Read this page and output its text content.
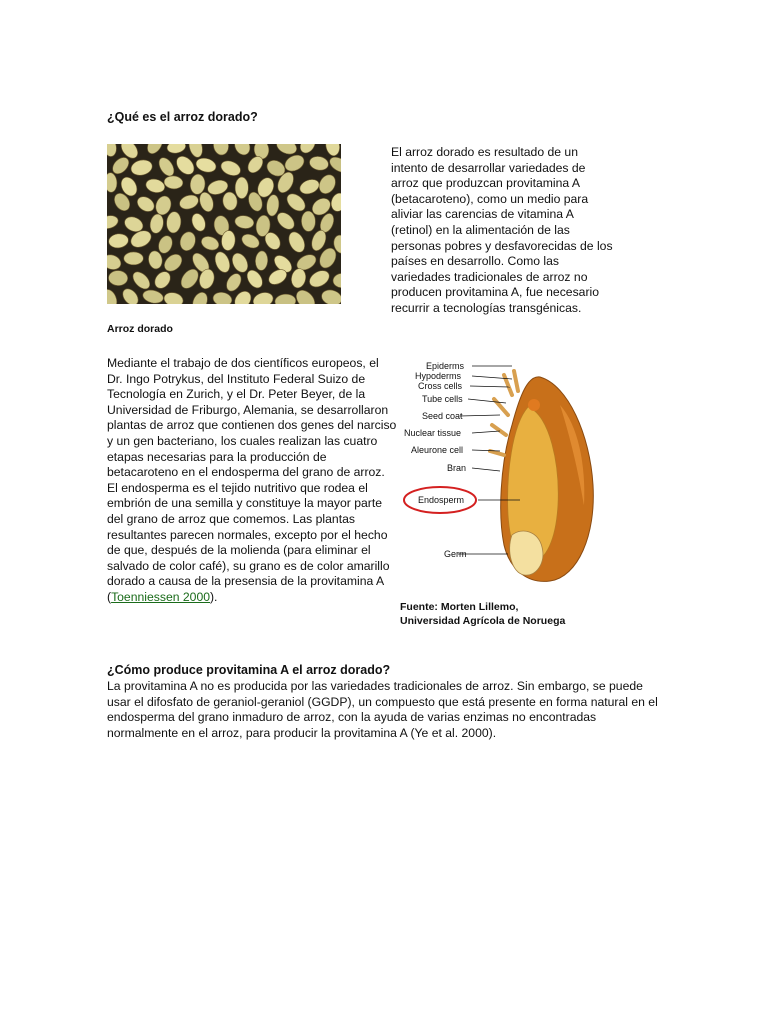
¿Qué es el arroz dorado?
Arroz dorado
El arroz dorado es resultado de un intento de desarrollar variedades de arroz que produzcan provitamina A (betacaroteno), como un medio para aliviar las carencias de vitamina A (retinol) en la alimentación de las personas pobres y desfavorecidas de los países en desarrollo. Como las variedades tradicionales de arroz no producen provitamina A, fue necesario recurrir a tecnologías transgénicas.
Mediante el trabajo de dos científicos europeos, el Dr. Ingo Potrykus, del Instituto Federal Suizo de Tecnología en Zurich, y el Dr. Peter Beyer, de la Universidad de Friburgo, Alemania, se desarrollaron plantas de arroz que contienen dos genes del narciso y un gen bacteriano, los cuales realizan las cuatro etapas necesarias para la producción de betacaroteno en el endosperma del grano de arroz. El endosperma es el tejido nutritivo que rodea el embrión de una semilla y constituye la mayor parte del grano de arroz que comemos. Las plantas resultantes parecen normales, excepto por el hecho de que, después de la molienda (para eliminar el salvado de color café), su grano es de color amarillo dorado a causa de la presensia de la provitamina A (Toenniessen 2000).
Epiderms
Hypoderms
Cross cells
Tube cells
Seed coat
Nuclear tissue
Aleurone cell
Bran
Endosperm
Germ
Fuente: Morten Lillemo,
Universidad Agrícola de Noruega
¿Cómo produce provitamina A el arroz dorado?
La provitamina A no es producida por las variedades tradicionales de arroz. Sin embargo, se puede usar el difosfato de geraniol-geraniol (GGDP), un compuesto que está presente en forma natural en el endosperma del grano inmaduro de arroz, con la ayuda de varias enzimas no encontradas normalmente en el arroz, para producir la provitamina A (Ye et al. 2000).
